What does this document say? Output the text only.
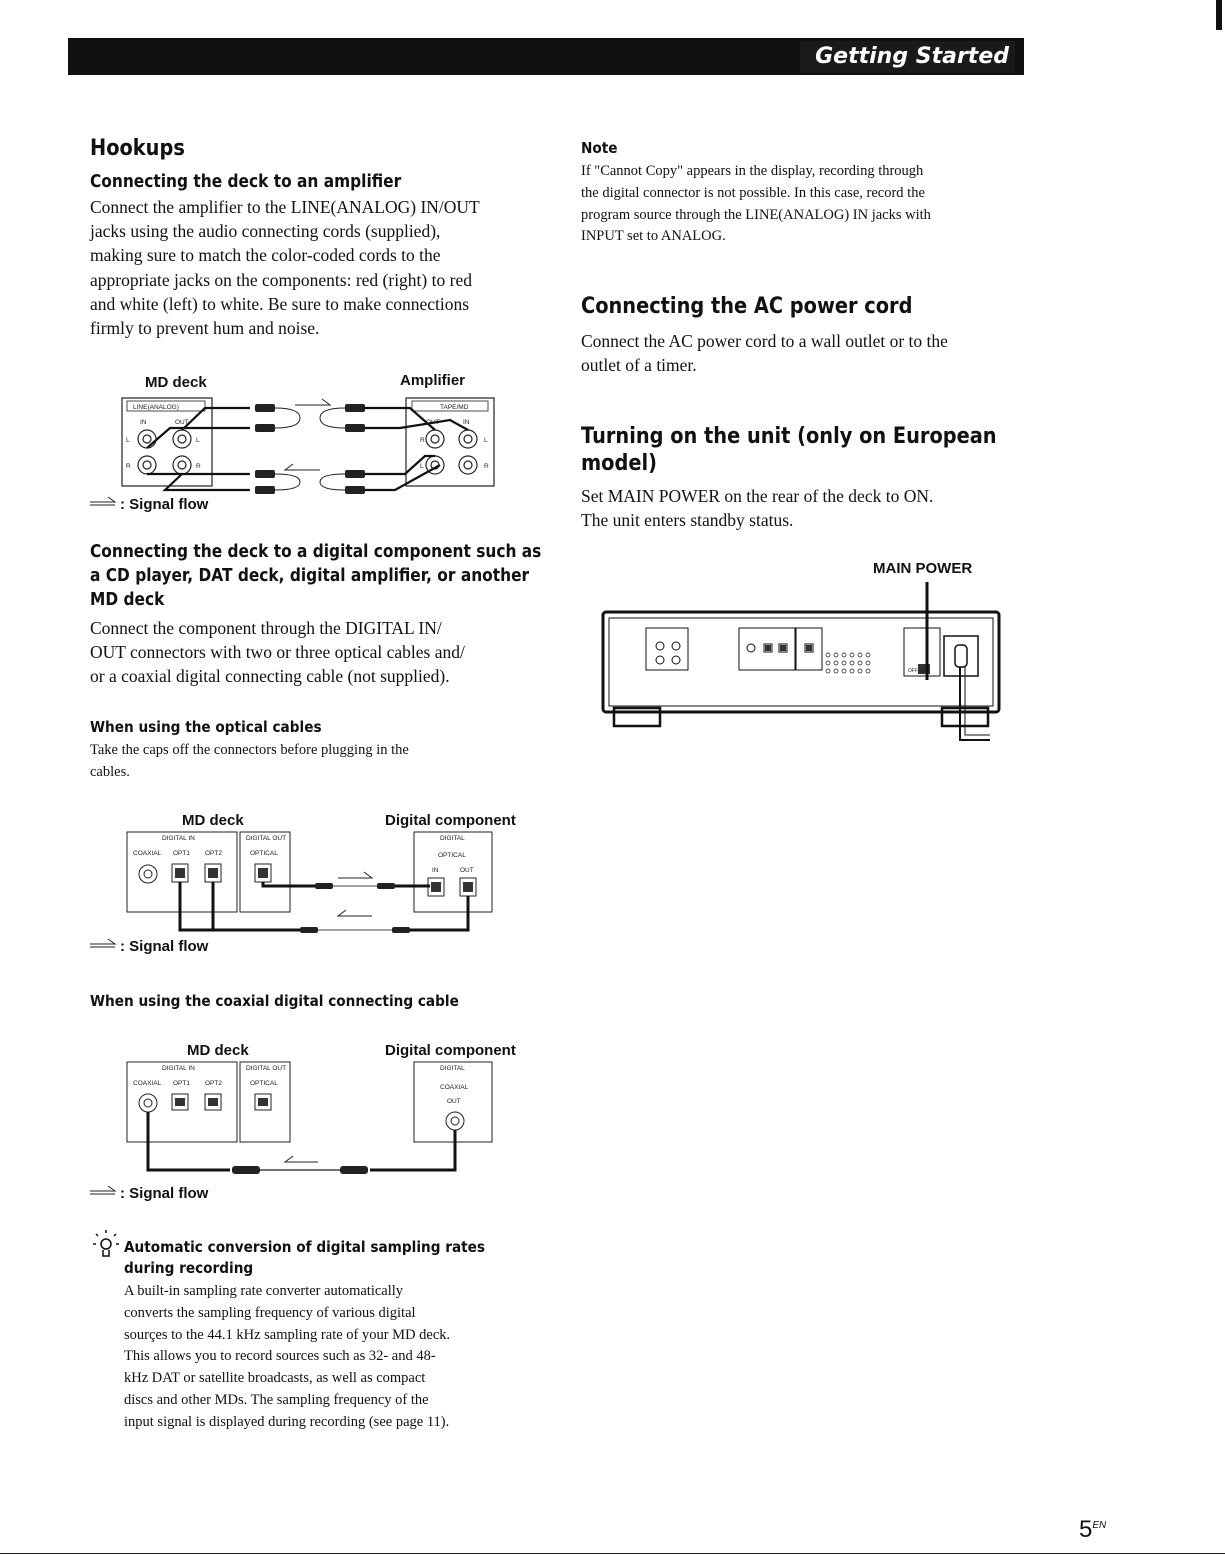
Getting Started
Hookups
Connecting the deck to an amplifier
Connect the amplifier to the LINE(ANALOG) IN/OUT
jacks using the audio connecting cords (supplied),
making sure to match the color-coded cords to the
appropriate jacks on the components: red (right) to red
and white (left) to white. Be sure to make connections
firmly to prevent hum and noise.
MD deck	Amplifier
LINE(ANALOG)	TAPE/MD
IN	OUT	OUT	IN
L
R
L
R
R	L
L	R
: Signal flow
Connecting the deck to a digital component such as
a CD player, DAT deck, digital amplifier, or another
MD deck
Connect the component through the DIGITAL IN/
OUT connectors with two or three optical cables and/
or a coaxial digital connecting cable (not supplied).
When using the optical cables
Take the caps off the connectors before plugging in the
cables.
MD deck	Digital component
DIGITAL IN	DIGITAL OUT	DIGITAL
COAXIAL OPT1 OPT2	OPTICAL	OPTICAL
IN	OUT
: Signal flow
When using the coaxial digital connecting cable
MD deck	Digital component
DIGITAL IN	DIGITAL OUT	DIGITAL
COAXIAL OPT1 OPT2	OPTICAL
COAXIAL
OUT
: Signal flow
Automatic conversion of digital sampling rates
during recording
A built-in sampling rate converter automatically
converts the sampling frequency of various digital
sourçes to the 44.1 kHz sampling rate of your MD deck.
This allows you to record sources such as 32- and 48-
kHz DAT or satellite broadcasts, as well as compact
discs and other MDs. The sampling frequency of the
input signal is displayed during recording (see page 11).
Note
If "Cannot Copy" appears in the display, recording through
the digital connector is not possible. In this case, record the
program source through the LINE(ANALOG) IN jacks with
INPUT set to ANALOG.
Connecting the AC power cord
Connect the AC power cord to a wall outlet or to the
outlet of a timer.
Turning on the unit (only on European
model)
Set MAIN POWER on the rear of the deck to ON.
The unit enters standby status.
MAIN POWER
OFF ON
$5^{EN}$
